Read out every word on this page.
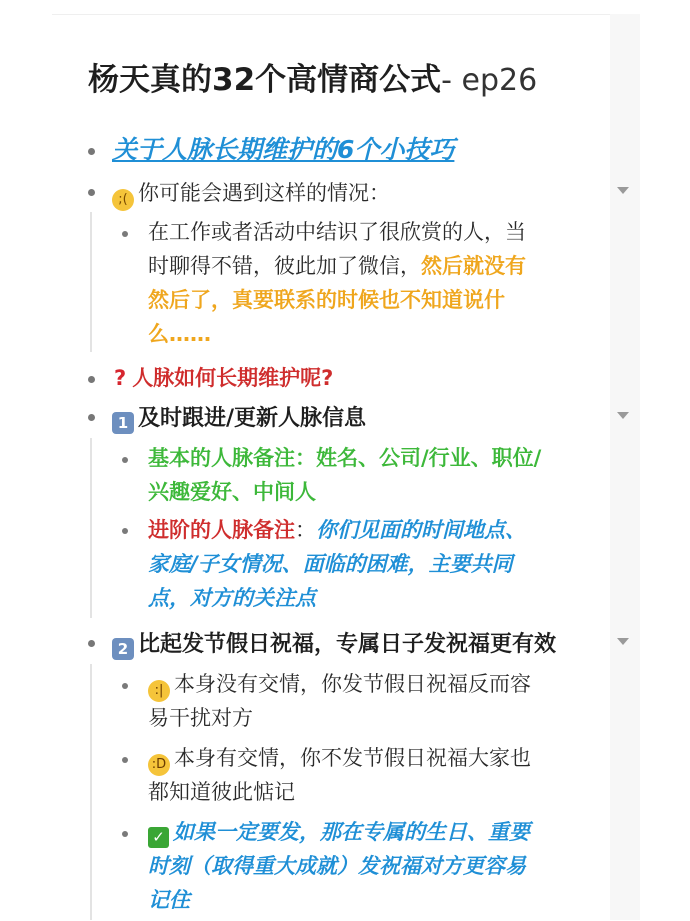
杨天真的32个高情商公式- ep26
关于人脉长期维护的6个小技巧
;( 你可能会遇到这样的情况：
在工作或者活动中结识了很欣赏的人，当
时聊得不错，彼此加了微信，然后就没有
然后了，真要联系的时候也不知道说什
么……
? 人脉如何长期维护呢?
1 及时跟进/更新人脉信息
基本的人脉备注：姓名、公司/行业、职位/
兴趣爱好、中间人
进阶的人脉备注：你们见面的时间地点、
家庭/子女情况、面临的困难，主要共同
点，对方的关注点
2 比起发节假日祝福，专属日子发祝福更有效
:| 本身没有交情，你发节假日祝福反而容
易干扰对方
:D 本身有交情，你不发节假日祝福大家也
都知道彼此惦记
✓ 如果一定要发，那在专属的生日、重要
时刻（取得重大成就）发祝福对方更容易
记住
